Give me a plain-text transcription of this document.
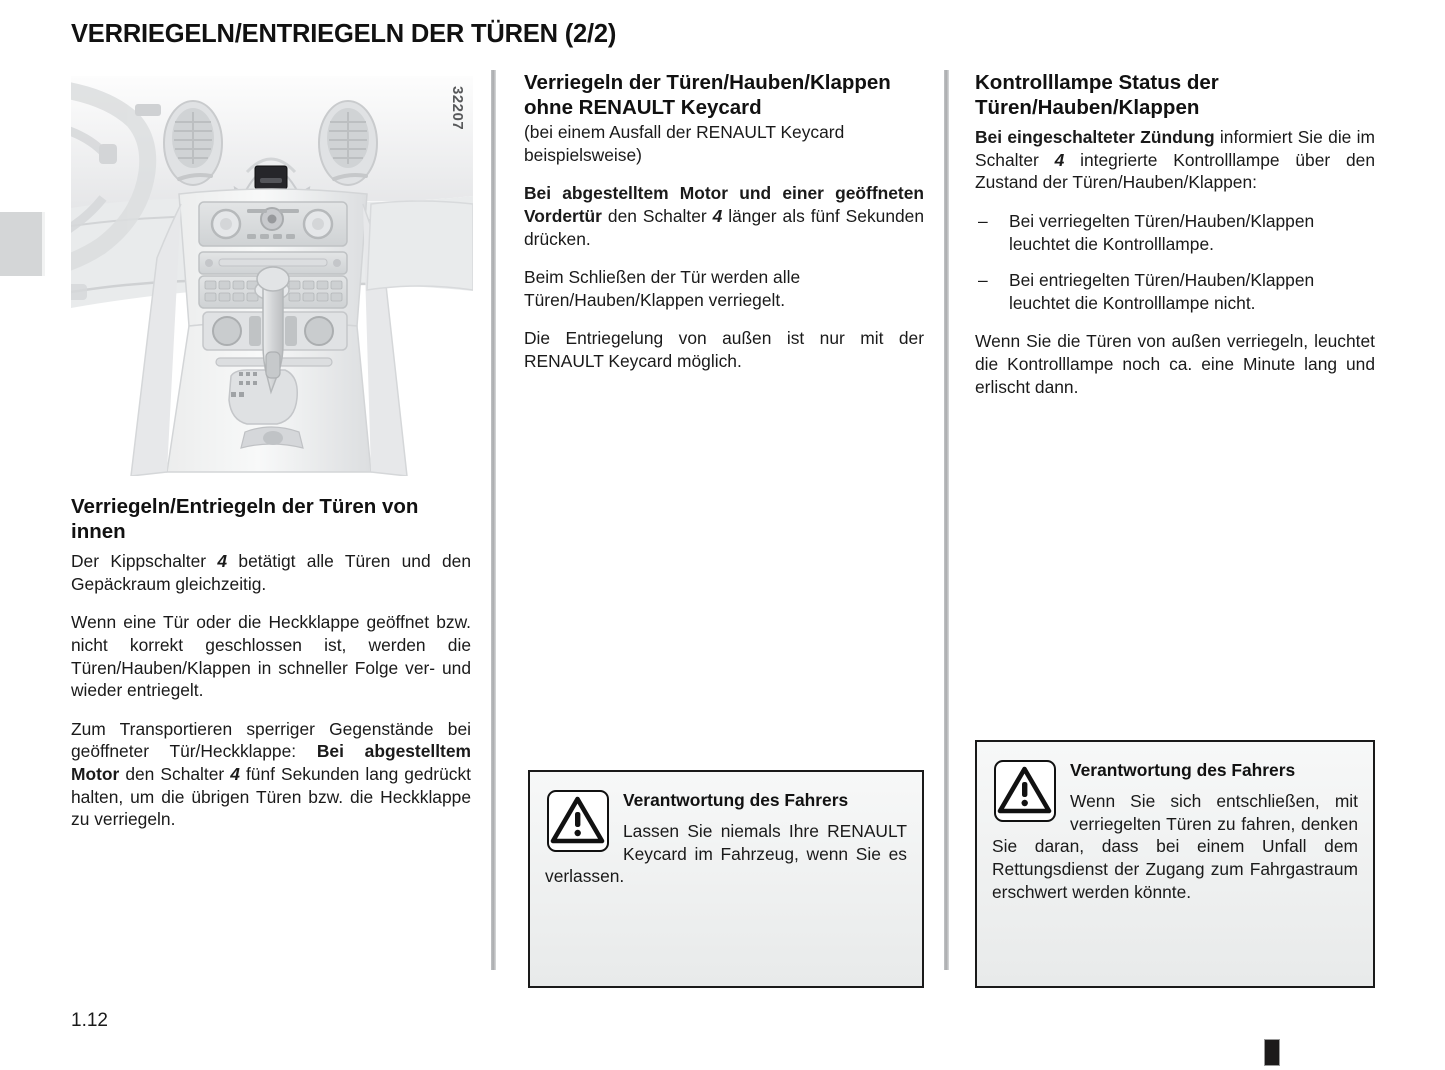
VERRIEGELN/ENTRIEGELN DER TÜREN (2/2)
32207
Verriegeln/Entriegeln der Türen von innen

Der Kippschalter 4 betätigt alle Türen und den Gepäckraum gleichzeitig.

Wenn eine Tür oder die Heckklappe geöffnet bzw. nicht korrekt geschlossen ist, werden die Türen/Hauben/Klappen in schneller Folge ver- und wieder entriegelt.

Zum Transportieren sperriger Gegenstände bei geöffneter Tür/Heckklappe: Bei abgestelltem Motor den Schalter 4 fünf Sekunden lang gedrückt halten, um die übrigen Türen bzw. die Heckklappe zu verriegeln.

Verriegeln der Türen/Hauben/Klappen ohne RENAULT Keycard

(bei einem Ausfall der RENAULT Keycard beispielsweise)

Bei abgestelltem Motor und einer geöffneten Vordertür den Schalter 4 länger als fünf Sekunden drücken.

Beim Schließen der Tür werden alle Türen/Hauben/Klappen verriegelt.

Die Entriegelung von außen ist nur mit der RENAULT Keycard möglich.

Kontrolllampe Status der Türen/Hauben/Klappen

Bei eingeschalteter Zündung informiert Sie die im Schalter 4 integrierte Kontrolllampe über den Zustand der Türen/Hauben/Klappen:

– Bei verriegelten Türen/Hauben/Klappen leuchtet die Kontrolllampe.
– Bei entriegelten Türen/Hauben/Klappen leuchtet die Kontrolllampe nicht.

Wenn Sie die Türen von außen verriegeln, leuchtet die Kontrolllampe noch ca. eine Minute lang und erlischt dann.

Verantwortung des Fahrers

Lassen Sie niemals Ihre RENAULT Keycard im Fahrzeug, wenn Sie es verlassen.

Verantwortung des Fahrers

Wenn Sie sich entschließen, mit verriegelten Türen zu fahren, denken Sie daran, dass bei einem Unfall dem Rettungsdienst der Zugang zum Fahrgastraum erschwert werden könnte.

1.12
